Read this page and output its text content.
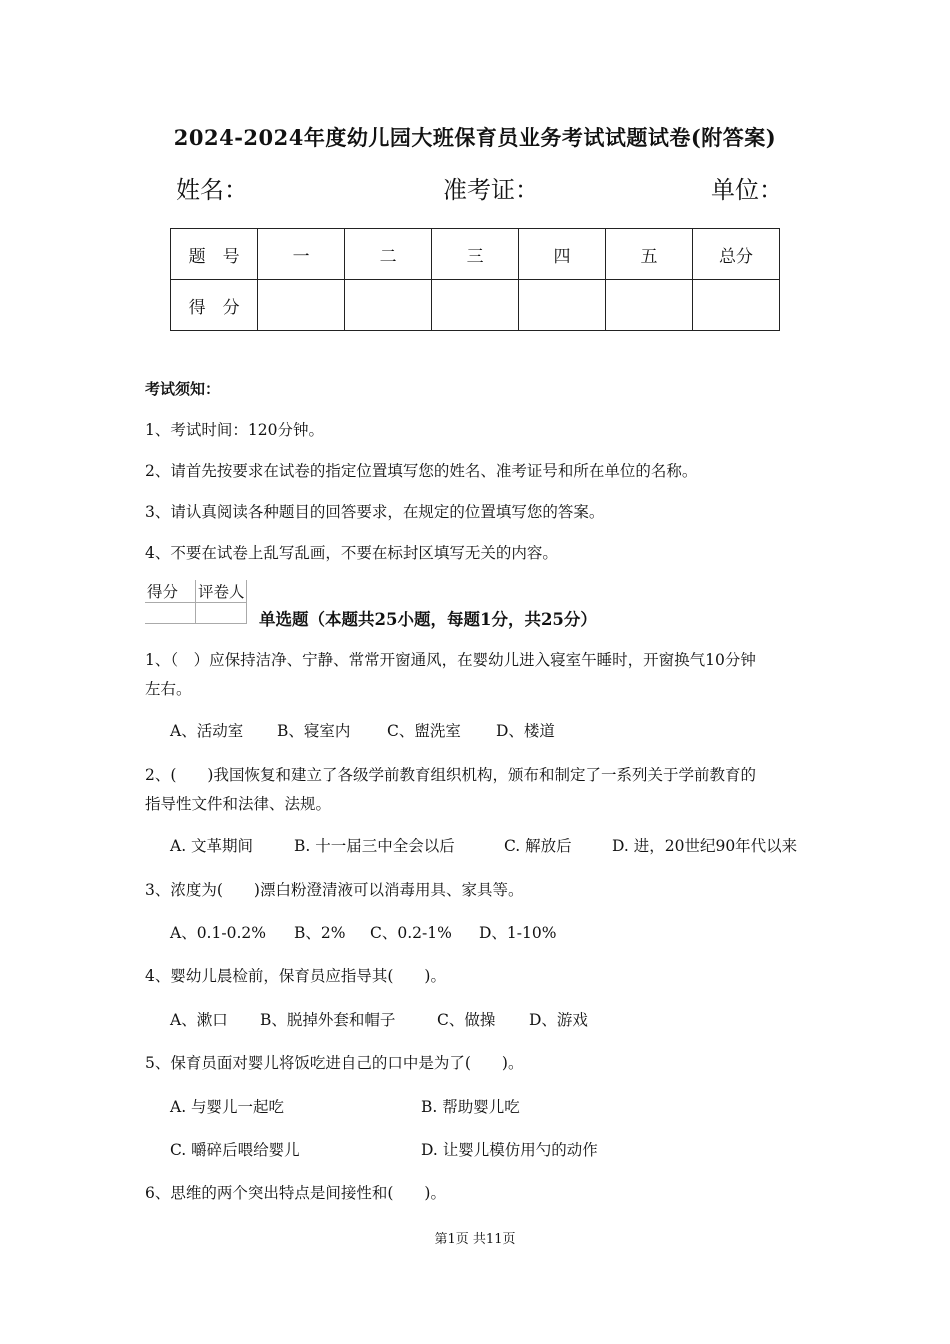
2024-2024年度幼儿园大班保育员业务考试试题试卷(附答案)
姓名：	准考证：	单位：
题　号	一	二	三	四	五	总分
得　分						
考试须知：
1、考试时间：120分钟。
2、请首先按要求在试卷的指定位置填写您的姓名、准考证号和所在单位的名称。
3、请认真阅读各种题目的回答要求，在规定的位置填写您的答案。
4、不要在试卷上乱写乱画，不要在标封区填写无关的内容。
得分	评卷人

单选题（本题共25小题，每题1分，共25分）
1、（　）应保持洁净、宁静、常常开窗通风，在婴幼儿进入寝室午睡时，开窗换气10分钟
左右。
A、活动室 B、寝室内 C、盥洗室 D、楼道
2、(　　)我国恢复和建立了各级学前教育组织机构，颁布和制定了一系列关于学前教育的
指导性文件和法律、法规。
A. 文革期间	B. 十一届三中全会以后	C. 解放后	D. 进，20世纪90年代以来
3、浓度为(　　)漂白粉澄清液可以消毒用具、家具等。
A、0.1-0.2% B、2% C、0.2-1% D、1-10%
4、婴幼儿晨检前，保育员应指导其(　　)。
A、漱口 B、脱掉外套和帽子	C、做操 D、游戏
5、保育员面对婴儿将饭吃进自己的口中是为了(　　)。
A. 与婴儿一起吃	B. 帮助婴儿吃
C. 嚼碎后喂给婴儿	D. 让婴儿模仿用勺的动作
6、思维的两个突出特点是间接性和(　　)。
第1页 共11页
